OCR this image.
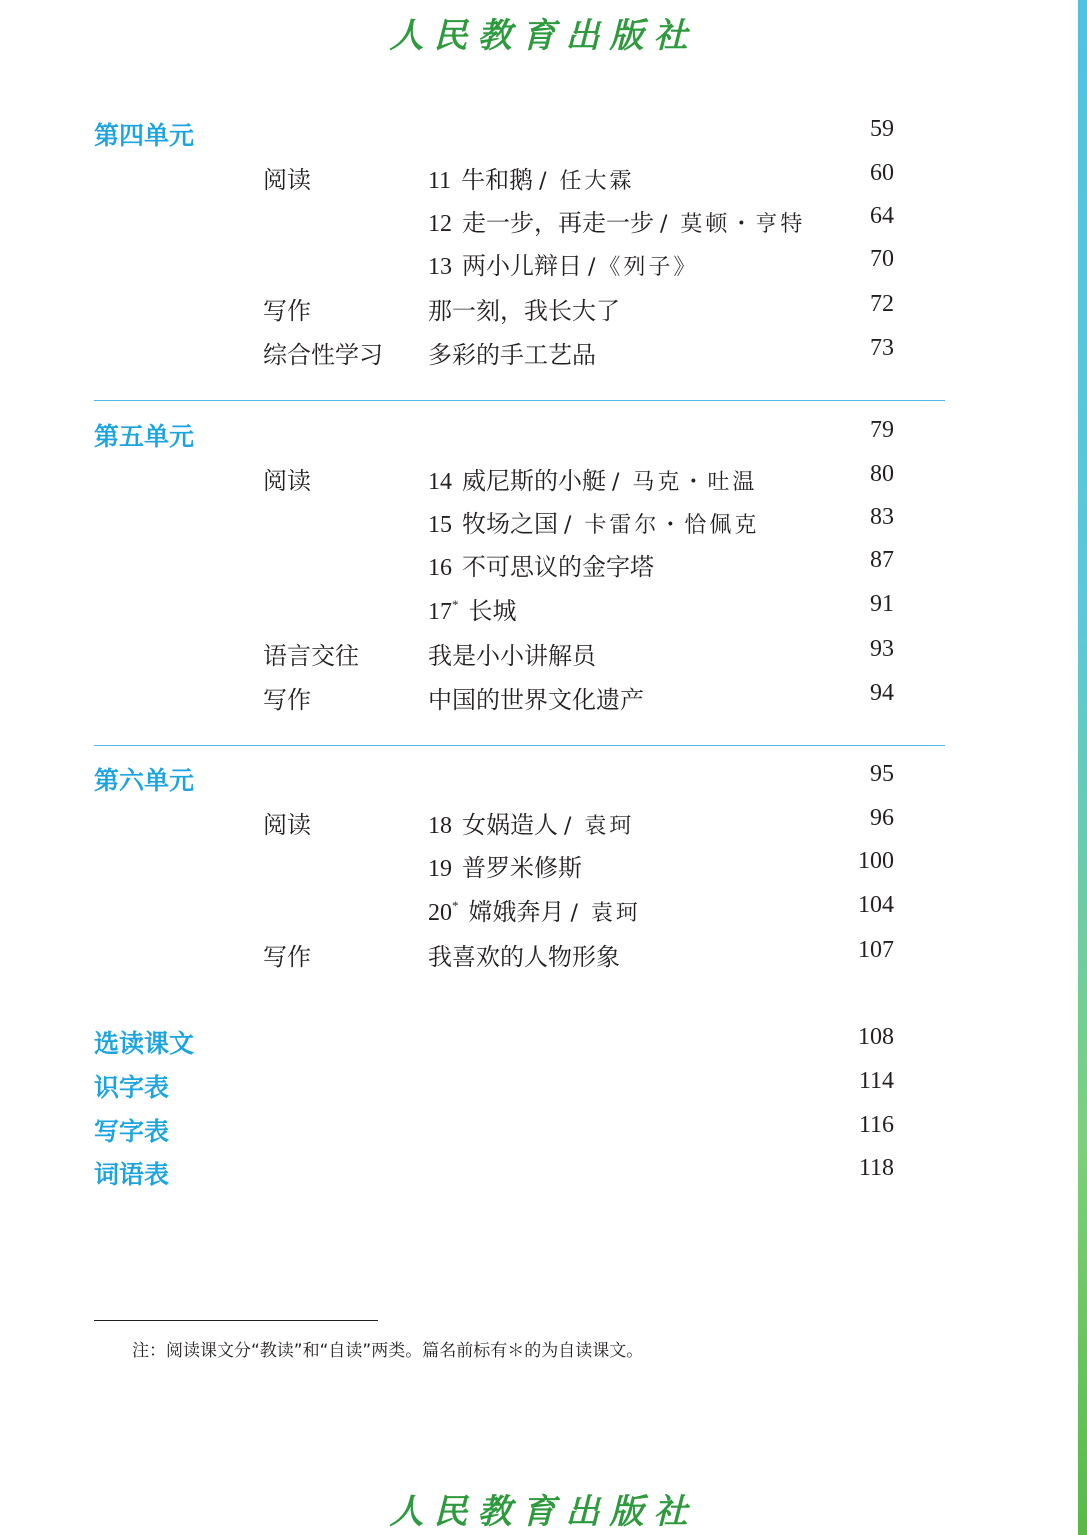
人民教育出版社
第四单元	59
阅读	11 牛和鹅 / 任大霖	60
12 走一步，再走一步 / 莫顿・亨特	64
13 两小儿辩日 /《列子》	70
写作	那一刻，我长大了	72
综合性学习 多彩的手工艺品	73
第五单元	79
阅读	14 威尼斯的小艇 / 马克・吐温	80
15 牧场之国 / 卡雷尔・恰佩克	83
16 不可思议的金字塔	87
17* 长城	91
语言交往	我是小小讲解员	93
写作	中国的世界文化遗产	94
第六单元	95
阅读	18 女娲造人 / 袁珂	96
19 普罗米修斯	100
20* 嫦娥奔月 / 袁珂	104
写作	我喜欢的人物形象	107
选读课文	108
识字表	114
写字表	116
词语表	118
注：阅读课文分“教读”和“自读”两类。篇名前标有＊的为自读课文。
人民教育出版社
